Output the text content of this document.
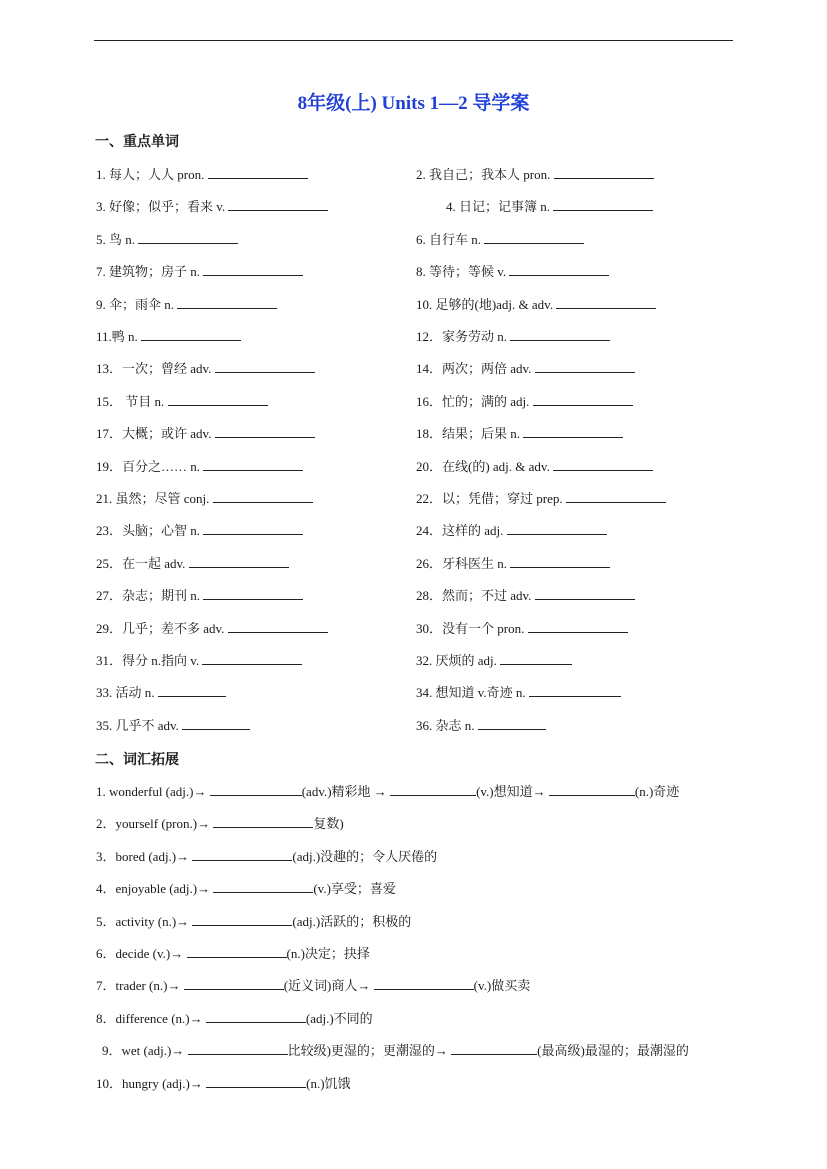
8年级(上) Units 1—2 导学案
一、重点单词
1. 每人；人人 pron.	2. 我自己；我本人 pron.
3. 好像；似乎；看来 v.	4. 日记；记事簿 n.
5. 鸟 n.	6. 自行车 n.
7. 建筑物；房子 n.	8. 等待；等候 v.
9. 伞；雨伞 n.	10. 足够的(地)adj. & adv.
11.鸭 n.	12．家务劳动 n.
13．一次；曾经 adv.	14．两次；两倍 adv.
15． 节目 n.	16．忙的；满的 adj.
17．大概；或许 adv.	18．结果；后果 n.
19．百分之…… n.	20．在线(的) adj. & adv.
21. 虽然；尽管 conj.	22．以；凭借；穿过 prep.
23．头脑；心智 n.	24．这样的 adj.
25．在一起 adv.	26．牙科医生 n.
27．杂志；期刊 n.	28．然而；不过 adv.
29．几乎；差不多 adv.	30．没有一个 pron.
31．得分 n.指向 v.	32. 厌烦的 adj.
33. 活动 n.	34. 想知道 v.奇迹 n.
35. 几乎不 adv.	36. 杂志 n.
二、词汇拓展
1. wonderful (adj.)→	(adv.)精彩地 →	(v.)想知道→	(n.)奇迹
2．yourself (pron.)→	复数)
3．bored (adj.)→	(adj.)没趣的；令人厌倦的
4．enjoyable (adj.)→	(v.)享受；喜爱
5．activity (n.)→	(adj.)活跃的；积极的
6．decide (v.)→	(n.)决定；抉择
7．trader (n.)→	(近义词)商人→	(v.)做买卖
8．difference (n.)→	(adj.)不同的
9．wet (adj.)→	比较级)更湿的；更潮湿的→	(最高级)最湿的；最潮湿的
10．hungry (adj.)→	(n.)饥饿
